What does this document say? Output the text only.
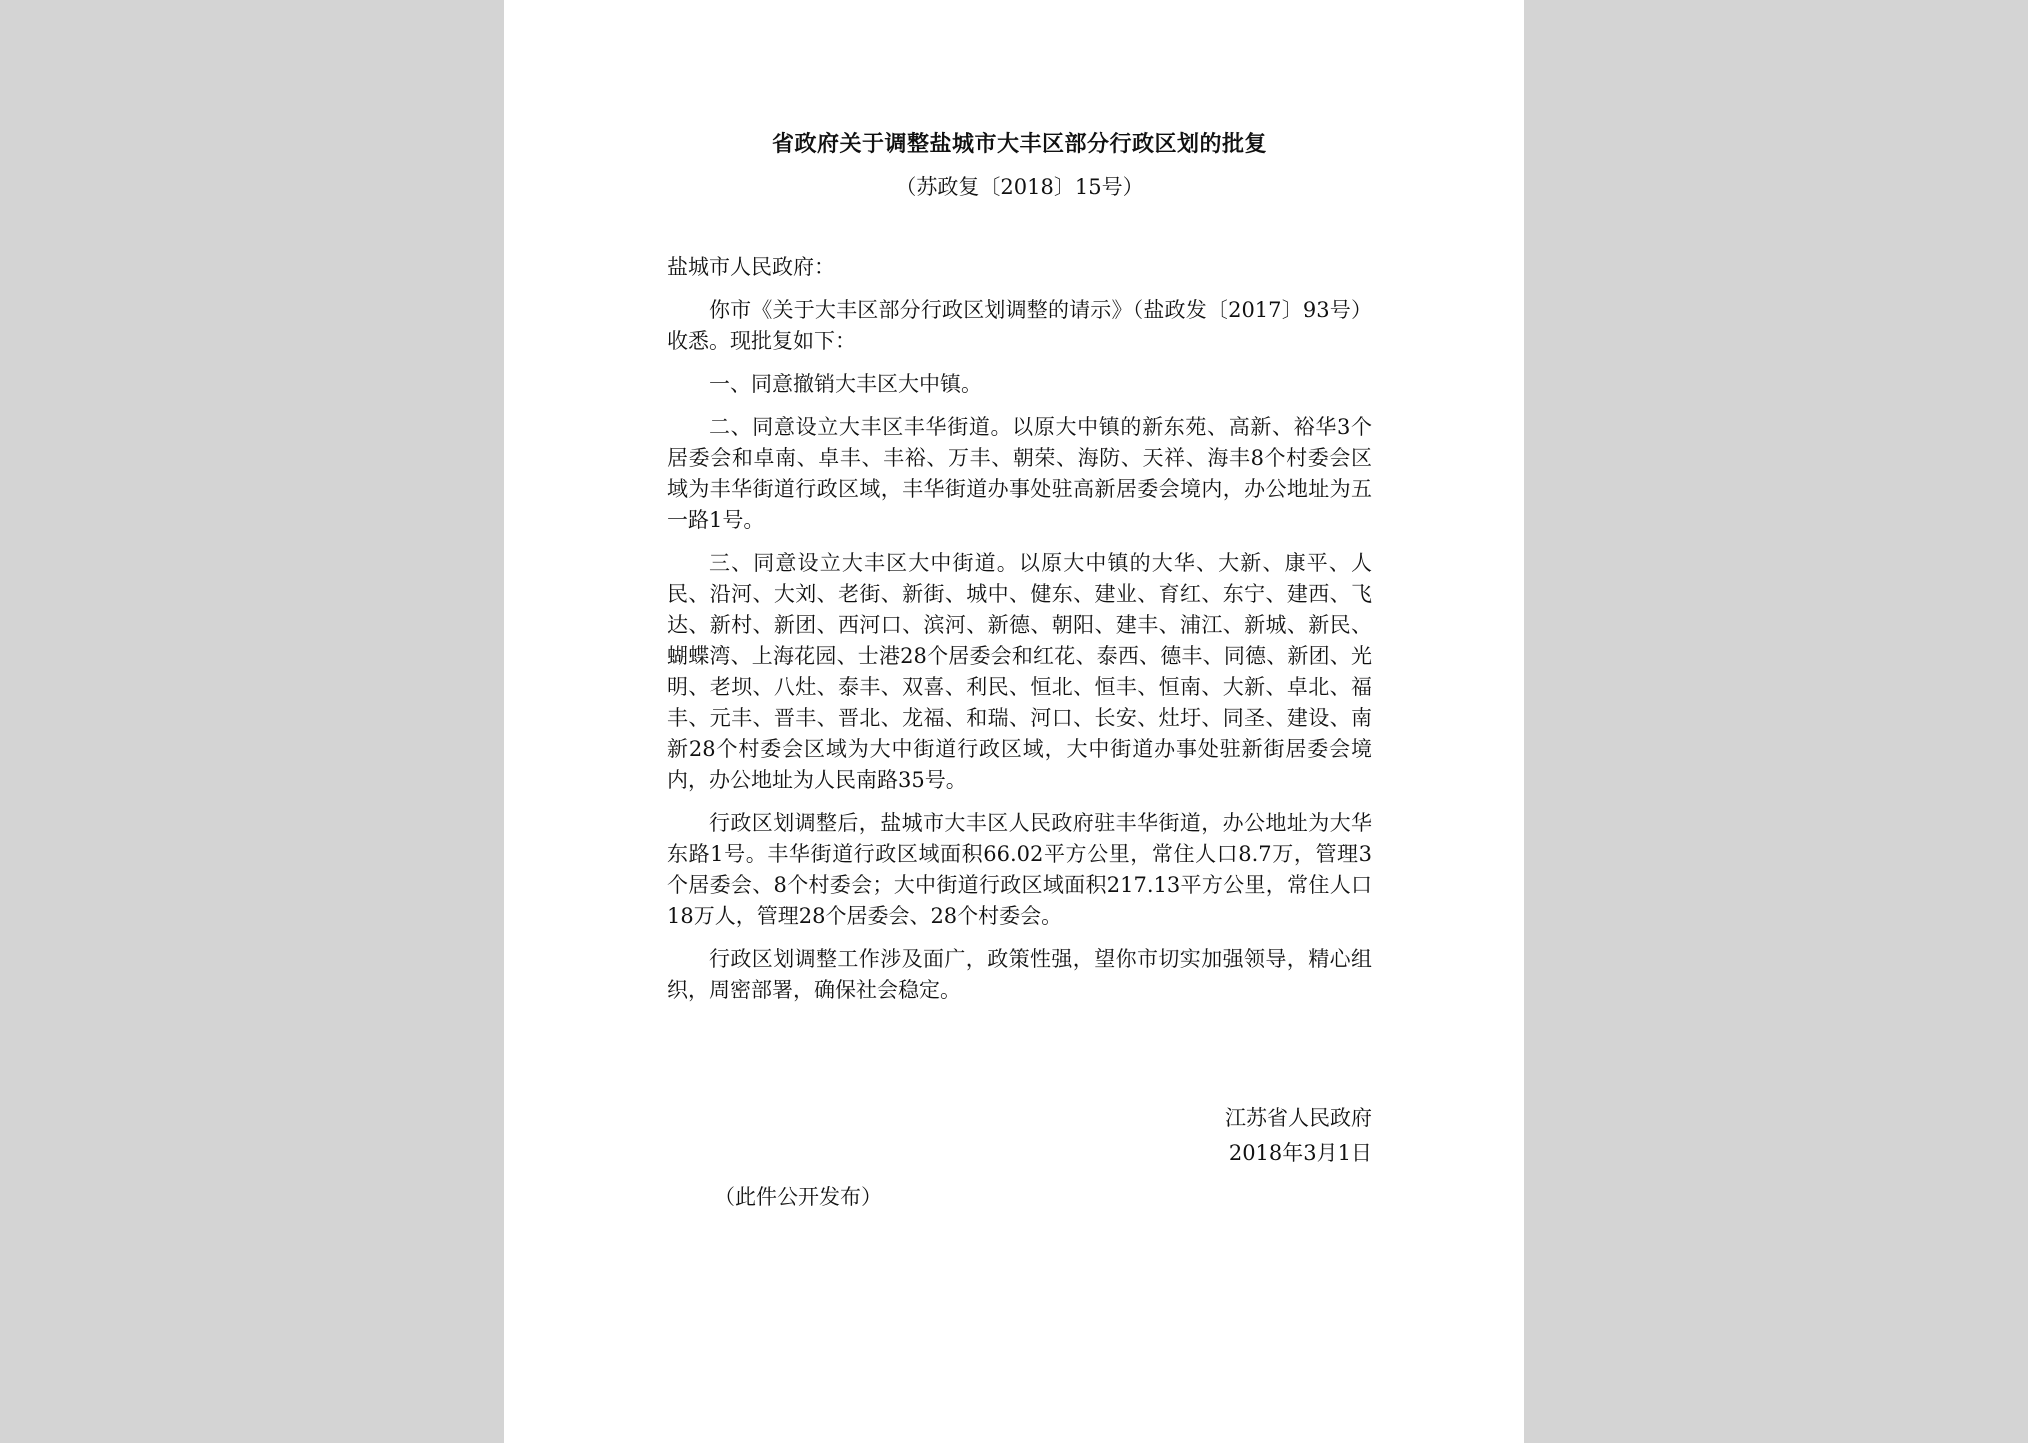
省政府关于调整盐城市大丰区部分行政区划的批复
（苏政复〔2018〕15号）
盐城市人民政府：

你市《关于大丰区部分行政区划调整的请示》（盐政发〔2017〕93号）收悉。现批复如下：

一、同意撤销大丰区大中镇。

二、同意设立大丰区丰华街道。以原大中镇的新东苑、高新、裕华3个居委会和卓南、卓丰、丰裕、万丰、朝荣、海防、天祥、海丰8个村委会区域为丰华街道行政区域，丰华街道办事处驻高新居委会境内，办公地址为五一路1号。

三、同意设立大丰区大中街道。以原大中镇的大华、大新、康平、人民、沿河、大刘、老街、新街、城中、健东、建业、育红、东宁、建西、飞达、新村、新团、西河口、滨河、新德、朝阳、建丰、浦江、新城、新民、蝴蝶湾、上海花园、士港28个居委会和红花、泰西、德丰、同德、新团、光明、老坝、八灶、泰丰、双喜、利民、恒北、恒丰、恒南、大新、卓北、福丰、元丰、晋丰、晋北、龙福、和瑞、河口、长安、灶圩、同圣、建设、南新28个村委会区域为大中街道行政区域，大中街道办事处驻新街居委会境内，办公地址为人民南路35号。

行政区划调整后，盐城市大丰区人民政府驻丰华街道，办公地址为大华东路1号。丰华街道行政区域面积66.02平方公里，常住人口8.7万，管理3个居委会、8个村委会；大中街道行政区域面积217.13平方公里，常住人口18万人，管理28个居委会、28个村委会。

行政区划调整工作涉及面广，政策性强，望你市切实加强领导，精心组织，周密部署，确保社会稳定。

江苏省人民政府
2018年3月1日
（此件公开发布）
